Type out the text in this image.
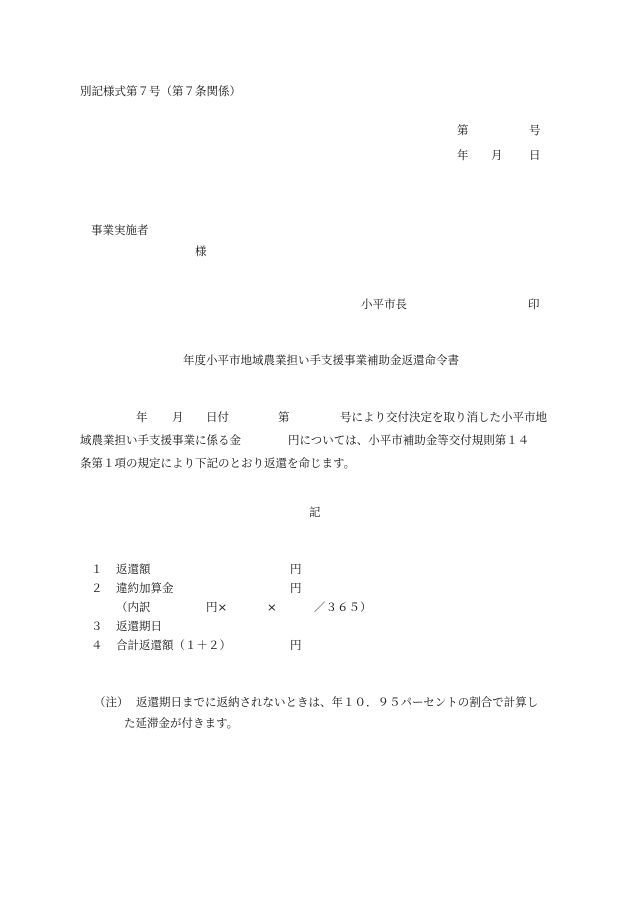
別記様式第７号（第７条関係）
第	号
年 月 日
事業実施者
様
小平市長	印
年度小平市地域農業担い手支援事業補助金返還命令書
年 月 日付	第	号により交付決定を取り消した小平市地
域農業担い手支援事業に係る金	円については、小平市補助金等交付規則第１４
条第１項の規定により下記のとおり返還を命じます。
記
１ 返還額	円
２ 違約加算金	円
（内訳	円×	×	／３６５）
３ 返還期日
４ 合計返還額（１＋２）	円
（注） 返還期日までに返納されないときは、年１０．９５パーセントの割合で計算し
た延滞金が付きます。
